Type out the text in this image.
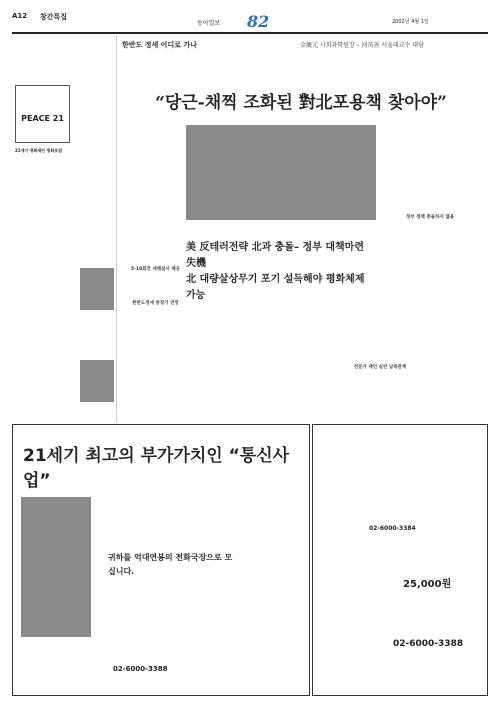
A12 창간특집
동아일보	2002년 4월 1일
82
PEACE 21
21세기 평화재단 평화포럼
한반도 정세 어디로 가나	金慶元 사회과학원장 – 河英善 서울대교수 대담
“당근-채찍 조화된 對北포용책 찾아야”
美 反테러전략 北과 충돌– 정부 대책마련 失機
北 대량살상무기 포기 설득해야 평화체제 가능
5·18회견 새해설서 제공
한반도정세 중장기 전망
전문가 제언 실린 남북관계
정부 정책 충돌하지 않을
21세기 최고의 부가가치인 “통신사업”
귀하를 억대연봉의 전화국장으로 모십니다.
02-6000-3388
02-6000-3384
25,000원
02-6000-3388
